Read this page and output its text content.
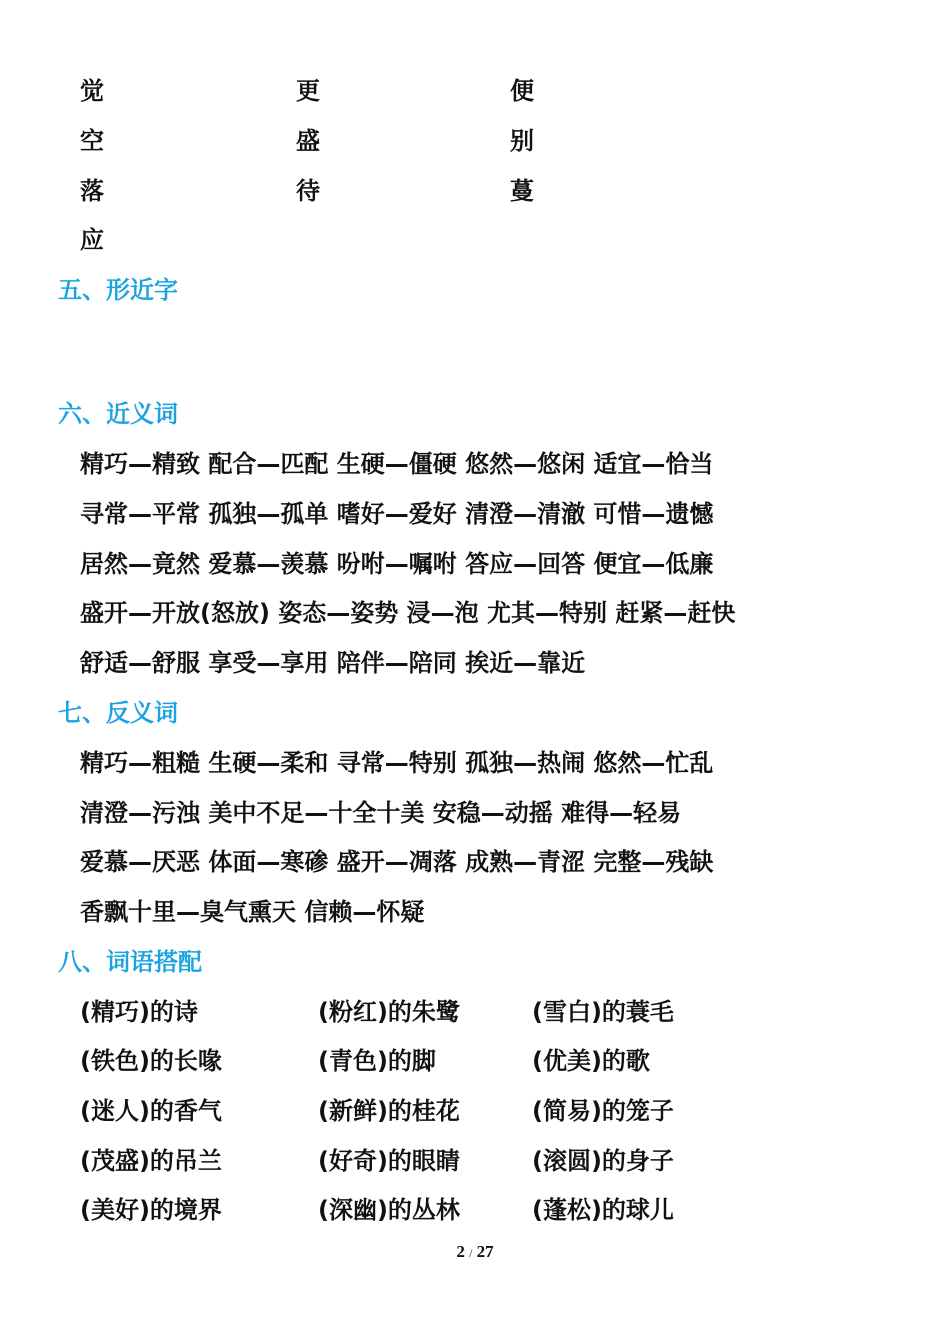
觉	更	便
空	盛	别
落	待	蔓
应
五、形近字
六、近义词
精巧—精致 配合—匹配 生硬—僵硬 悠然—悠闲 适宜—恰当
寻常—平常 孤独—孤单 嗜好—爱好 清澄—清澈 可惜—遗憾
居然—竟然 爱慕—羡慕 吩咐—嘱咐 答应—回答 便宜—低廉
盛开—开放(怒放) 姿态—姿势 浸—泡 尤其—特别 赶紧—赶快
舒适—舒服 享受—享用 陪伴—陪同 挨近—靠近
七、反义词
精巧—粗糙 生硬—柔和 寻常—特别 孤独—热闹 悠然—忙乱
清澄—污浊 美中不足—十全十美 安稳—动摇 难得—轻易
爱慕—厌恶 体面—寒碜 盛开—凋落 成熟—青涩 完整—残缺
香飘十里—臭气熏天 信赖—怀疑
八、词语搭配
(精巧)的诗	(粉红)的朱鹭	(雪白)的蓑毛
(铁色)的长喙	(青色)的脚	(优美)的歌
(迷人)的香气	(新鲜)的桂花	(简易)的笼子
(茂盛)的吊兰	(好奇)的眼睛	(滚圆)的身子
(美好)的境界	(深幽)的丛林	(蓬松)的球儿
2 / 27
